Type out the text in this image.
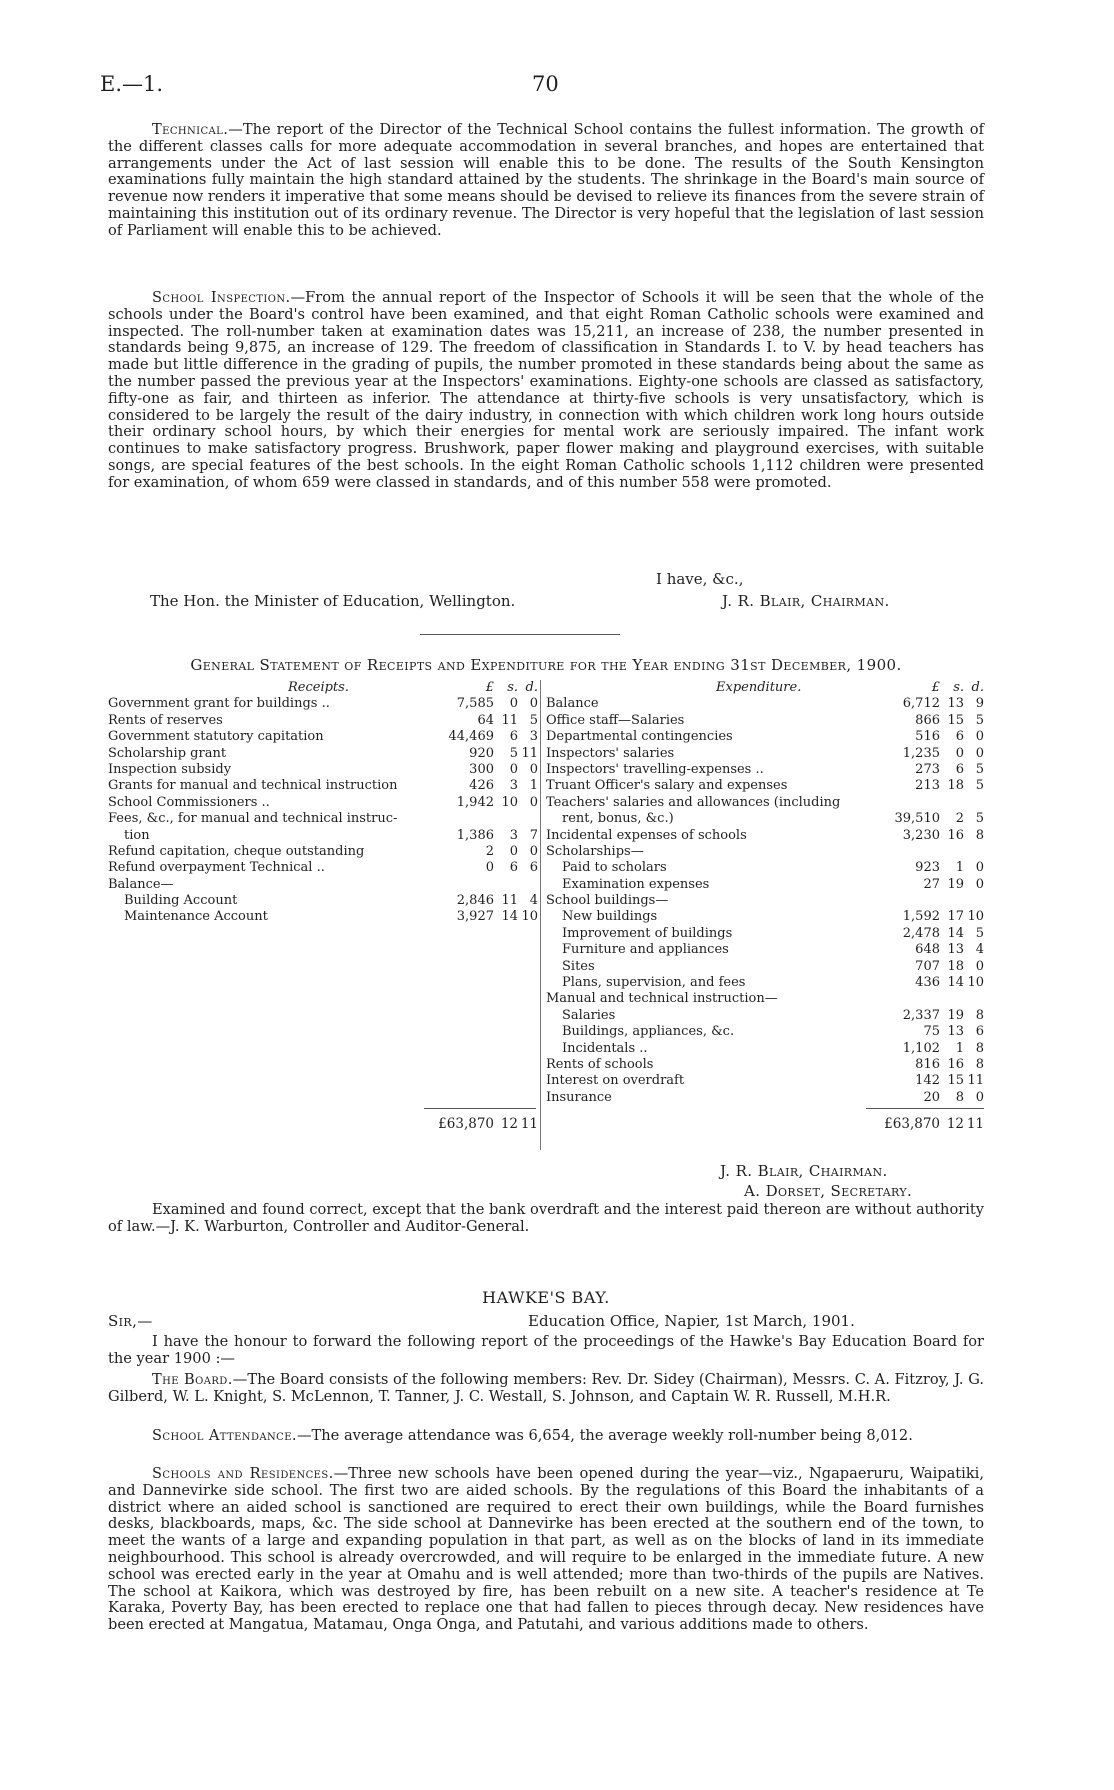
E.—1.	70

Technical.—The report of the Director of the Technical School contains the fullest information. The growth of the different classes calls for more adequate accommodation in several branches, and hopes are entertained that arrangements under the Act of last session will enable this to be done. The results of the South Kensington examinations fully maintain the high standard attained by the students. The shrinkage in the Board's main source of revenue now renders it imperative that some means should be devised to relieve its finances from the severe strain of maintaining this institution out of its ordinary revenue. The Director is very hopeful that the legislation of last session of Parliament will enable this to be achieved.

School Inspection.—From the annual report of the Inspector of Schools it will be seen that the whole of the schools under the Board's control have been examined, and that eight Roman Catholic schools were examined and inspected. The roll-number taken at examination dates was 15,211, an increase of 238, the number presented in standards being 9,875, an increase of 129. The freedom of classification in Standards I. to V. by head teachers has made but little difference in the grading of pupils, the number promoted in these standards being about the same as the number passed the previous year at the Inspectors' examinations. Eighty-one schools are classed as satisfactory, fifty-one as fair, and thirteen as inferior. The attendance at thirty-five schools is very unsatisfactory, which is considered to be largely the result of the dairy industry, in connection with which children work long hours outside their ordinary school hours, by which their energies for mental work are seriously impaired. The infant work continues to make satisfactory progress. Brushwork, paper flower making and playground exercises, with suitable songs, are special features of the best schools. In the eight Roman Catholic schools 1,112 children were presented for examination, of whom 659 were classed in standards, and of this number 558 were promoted.

I have, &c.,
The Hon. the Minister of Education, Wellington.	J. R. Blair, Chairman.
General Statement of Receipts and Expenditure for the Year ending 31st December, 1900.
Receipts.	£ s. d.
Government grant for buildings ..	7,585 0 0
Rents of reserves	64 11 5
Government statutory capitation	44,469 6 3
Scholarship grant	920 5 11
Inspection subsidy	300 0 0
Grants for manual and technical instruction	426 3 1
School Commissioners ..	1,942 10 0
Fees, &c., for manual and technical instruc-
tion	1,386 3 7
Refund capitation, cheque outstanding	2 0 0
Refund overpayment Technical ..	0 6 6
Balance—
Building Account	2,846 11 4
Maintenance Account	3,927 14 10
Expenditure.	£ s. d.
Balance	6,712 13 9
Office staff—Salaries	866 15 5
Departmental contingencies	516 6 0
Inspectors' salaries	1,235 0 0
Inspectors' travelling-expenses ..	273 6 5
Truant Officer's salary and expenses	213 18 5
Teachers' salaries and allowances (including
rent, bonus, &c.)	39,510 2 5
Incidental expenses of schools	3,230 16 8
Scholarships—
Paid to scholars	923 1 0
Examination expenses	27 19 0
School buildings—
New buildings	1,592 17 10
Improvement of buildings	2,478 14 5
Furniture and appliances	648 13 4
Sites	707 18 0
Plans, supervision, and fees	436 14 10
Manual and technical instruction—
Salaries	2,337 19 8
Buildings, appliances, &c.	75 13 6
Incidentals ..	1,102 1 8
Rents of schools	816 16 8
Interest on overdraft	142 15 11
Insurance	20 8 0
£63,870 12 11	£63,870 12 11
J. R. Blair, Chairman.
A. Dorset, Secretary.

Examined and found correct, except that the bank overdraft and the interest paid thereon are without authority of law.—J. K. Warburton, Controller and Auditor-General.

HAWKE'S BAY.
Sir,—	Education Office, Napier, 1st March, 1901.

I have the honour to forward the following report of the proceedings of the Hawke's Bay Education Board for the year 1900 :—

The Board.—The Board consists of the following members: Rev. Dr. Sidey (Chairman), Messrs. C. A. Fitzroy, J. G. Gilberd, W. L. Knight, S. McLennon, T. Tanner, J. C. Westall, S. Johnson, and Captain W. R. Russell, M.H.R.

School Attendance.—The average attendance was 6,654, the average weekly roll-number being 8,012.

Schools and Residences.—Three new schools have been opened during the year—viz., Ngapaeruru, Waipatiki, and Dannevirke side school. The first two are aided schools. By the regulations of this Board the inhabitants of a district where an aided school is sanctioned are required to erect their own buildings, while the Board furnishes desks, blackboards, maps, &c. The side school at Dannevirke has been erected at the southern end of the town, to meet the wants of a large and expanding population in that part, as well as on the blocks of land in its immediate neighbourhood. This school is already overcrowded, and will require to be enlarged in the immediate future. A new school was erected early in the year at Omahu and is well attended; more than two-thirds of the pupils are Natives. The school at Kaikora, which was destroyed by fire, has been rebuilt on a new site. A teacher's residence at Te Karaka, Poverty Bay, has been erected to replace one that had fallen to pieces through decay. New residences have been erected at Mangatua, Matamau, Onga Onga, and Patutahi, and various additions made to others.
